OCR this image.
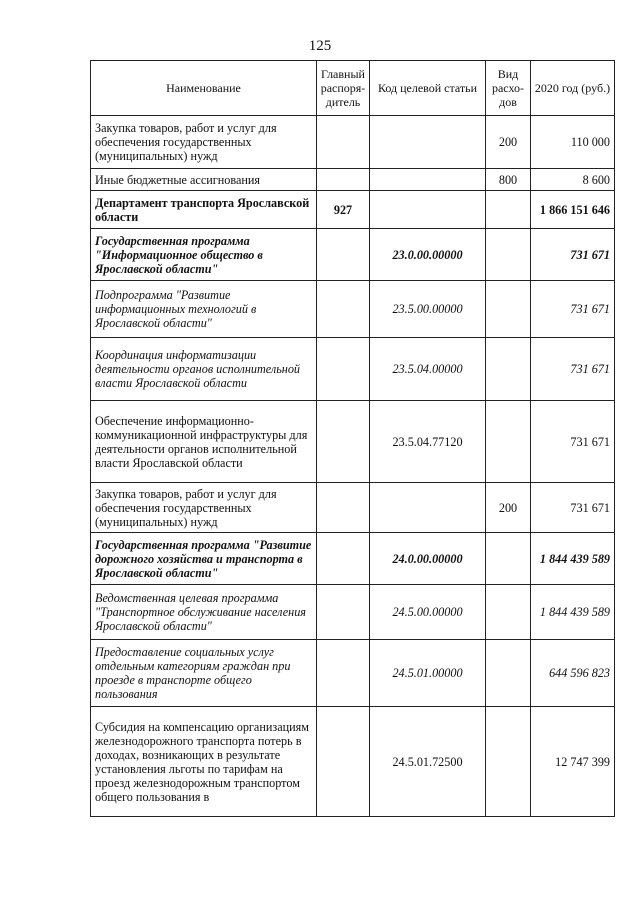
125
Наименование	Главный распоря-дитель	Код целевой статьи	Вид расхо-дов	2020 год (руб.)
Закупка товаров, работ и услуг для обеспечения государственных (муниципальных) нужд			200	110 000
Иные бюджетные ассигнования			800	8 600
Департамент транспорта Ярославской области	927			1 866 151 646
Государственная программа "Информационное общество в Ярославской области"		23.0.00.00000		731 671
Подпрограмма "Развитие информационных технологий в Ярославской области"		23.5.00.00000		731 671
Координация информатизации деятельности органов исполнительной власти Ярославской области		23.5.04.00000		731 671
Обеспечение информационно-коммуникационной инфраструктуры для деятельности органов исполнительной власти Ярославской области		23.5.04.77120		731 671
Закупка товаров, работ и услуг для обеспечения государственных (муниципальных) нужд			200	731 671
Государственная программа "Развитие дорожного хозяйства и транспорта в Ярославской области"		24.0.00.00000		1 844 439 589
Ведомственная целевая программа "Транспортное обслуживание населения Ярославской области"		24.5.00.00000		1 844 439 589
Предоставление социальных услуг отдельным категориям граждан при проезде в транспорте общего пользования		24.5.01.00000		644 596 823
Субсидия на компенсацию организациям железнодорожного транспорта потерь в доходах, возникающих в результате установления льготы по тарифам на проезд железнодорожным транспортом общего пользования в		24.5.01.72500		12 747 399
